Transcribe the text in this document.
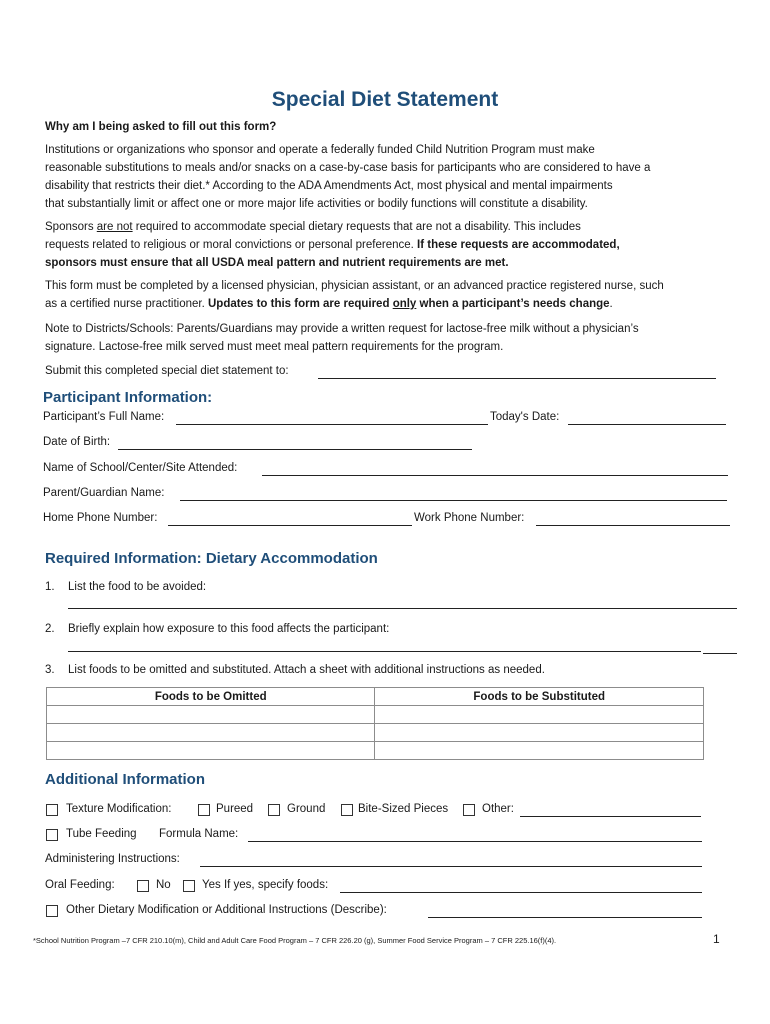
Special Diet Statement
Why am I being asked to fill out this form?
Institutions or organizations who sponsor and operate a federally funded Child Nutrition Program must make
reasonable substitutions to meals and/or snacks on a case-by-case basis for participants who are considered to have a
disability that restricts their diet.* According to the ADA Amendments Act, most physical and mental impairments
that substantially limit or affect one or more major life activities or bodily functions will constitute a disability.
Sponsors are not required to accommodate special dietary requests that are not a disability. This includes
requests related to religious or moral convictions or personal preference. If these requests are accommodated,
sponsors must ensure that all USDA meal pattern and nutrient requirements are met.
This form must be completed by a licensed physician, physician assistant, or an advanced practice registered nurse, such
as a certified nurse practitioner. Updates to this form are required only when a participant’s needs change.
Note to Districts/Schools: Parents/Guardians may provide a written request for lactose-free milk without a physician’s
signature. Lactose-free milk served must meet meal pattern requirements for the program.
Submit this completed special diet statement to:
Participant Information:
Participant’s Full Name:	Today's Date:
Date of Birth:
Name of School/Center/Site Attended:
Parent/Guardian Name:
Home Phone Number:	Work Phone Number:
Required Information: Dietary Accommodation
1. List the food to be avoided:
2. Briefly explain how exposure to this food affects the participant:
3. List foods to be omitted and substituted. Attach a sheet with additional instructions as needed.
Foods to be Omitted	Foods to be Substituted

Additional Information
Texture Modification:	Pureed	Ground	Bite-Sized Pieces	Other:
Tube Feeding Formula Name:
Administering Instructions:
Oral Feeding:	No	Yes If yes, specify foods:
Other Dietary Modification or Additional Instructions (Describe):
*School Nutrition Program –7 CFR 210.10(m), Child and Adult Care Food Program – 7 CFR 226.20 (g), Summer Food Service Program – 7 CFR 225.16(f)(4).	1
